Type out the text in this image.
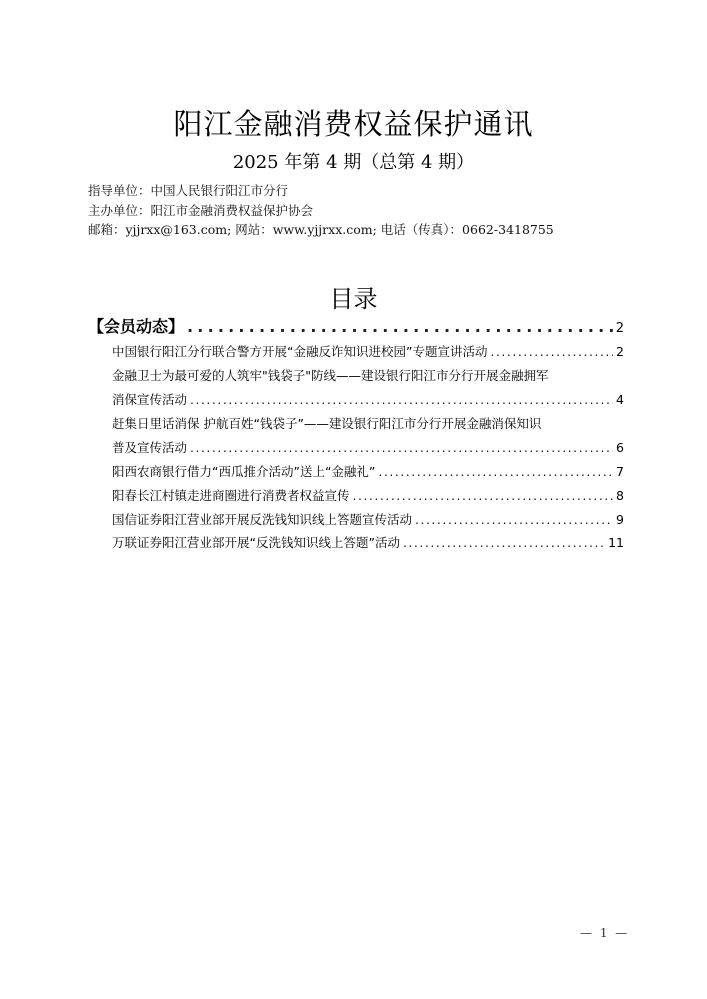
阳江金融消费权益保护通讯
2025 年第 4 期（总第 4 期）
指导单位：中国人民银行阳江市分行
主办单位：阳江市金融消费权益保护协会
邮箱：yjjrxx@163.com; 网站：www.yjjrxx.com; 电话（传真）：0662-3418755
目录
【会员动态】 .....	2
中国银行阳江分行联合警方开展“金融反诈知识进校园”专题宣讲活动 .....	2
金融卫士为最可爱的人筑牢"钱袋子"防线——建设银行阳江市分行开展金融拥军
消保宣传活动 .....	4
赶集日里话消保 护航百姓“钱袋子”——建设银行阳江市分行开展金融消保知识
普及宣传活动 .....	6
阳西农商银行借力“西瓜推介活动”送上“金融礼” .....	7
阳春长江村镇走进商圈进行消费者权益宣传 .....	8
国信证券阳江营业部开展反洗钱知识线上答题宣传活动 .....	9
万联证券阳江营业部开展“反洗钱知识线上答题”活动 .....	11
— 1 —
